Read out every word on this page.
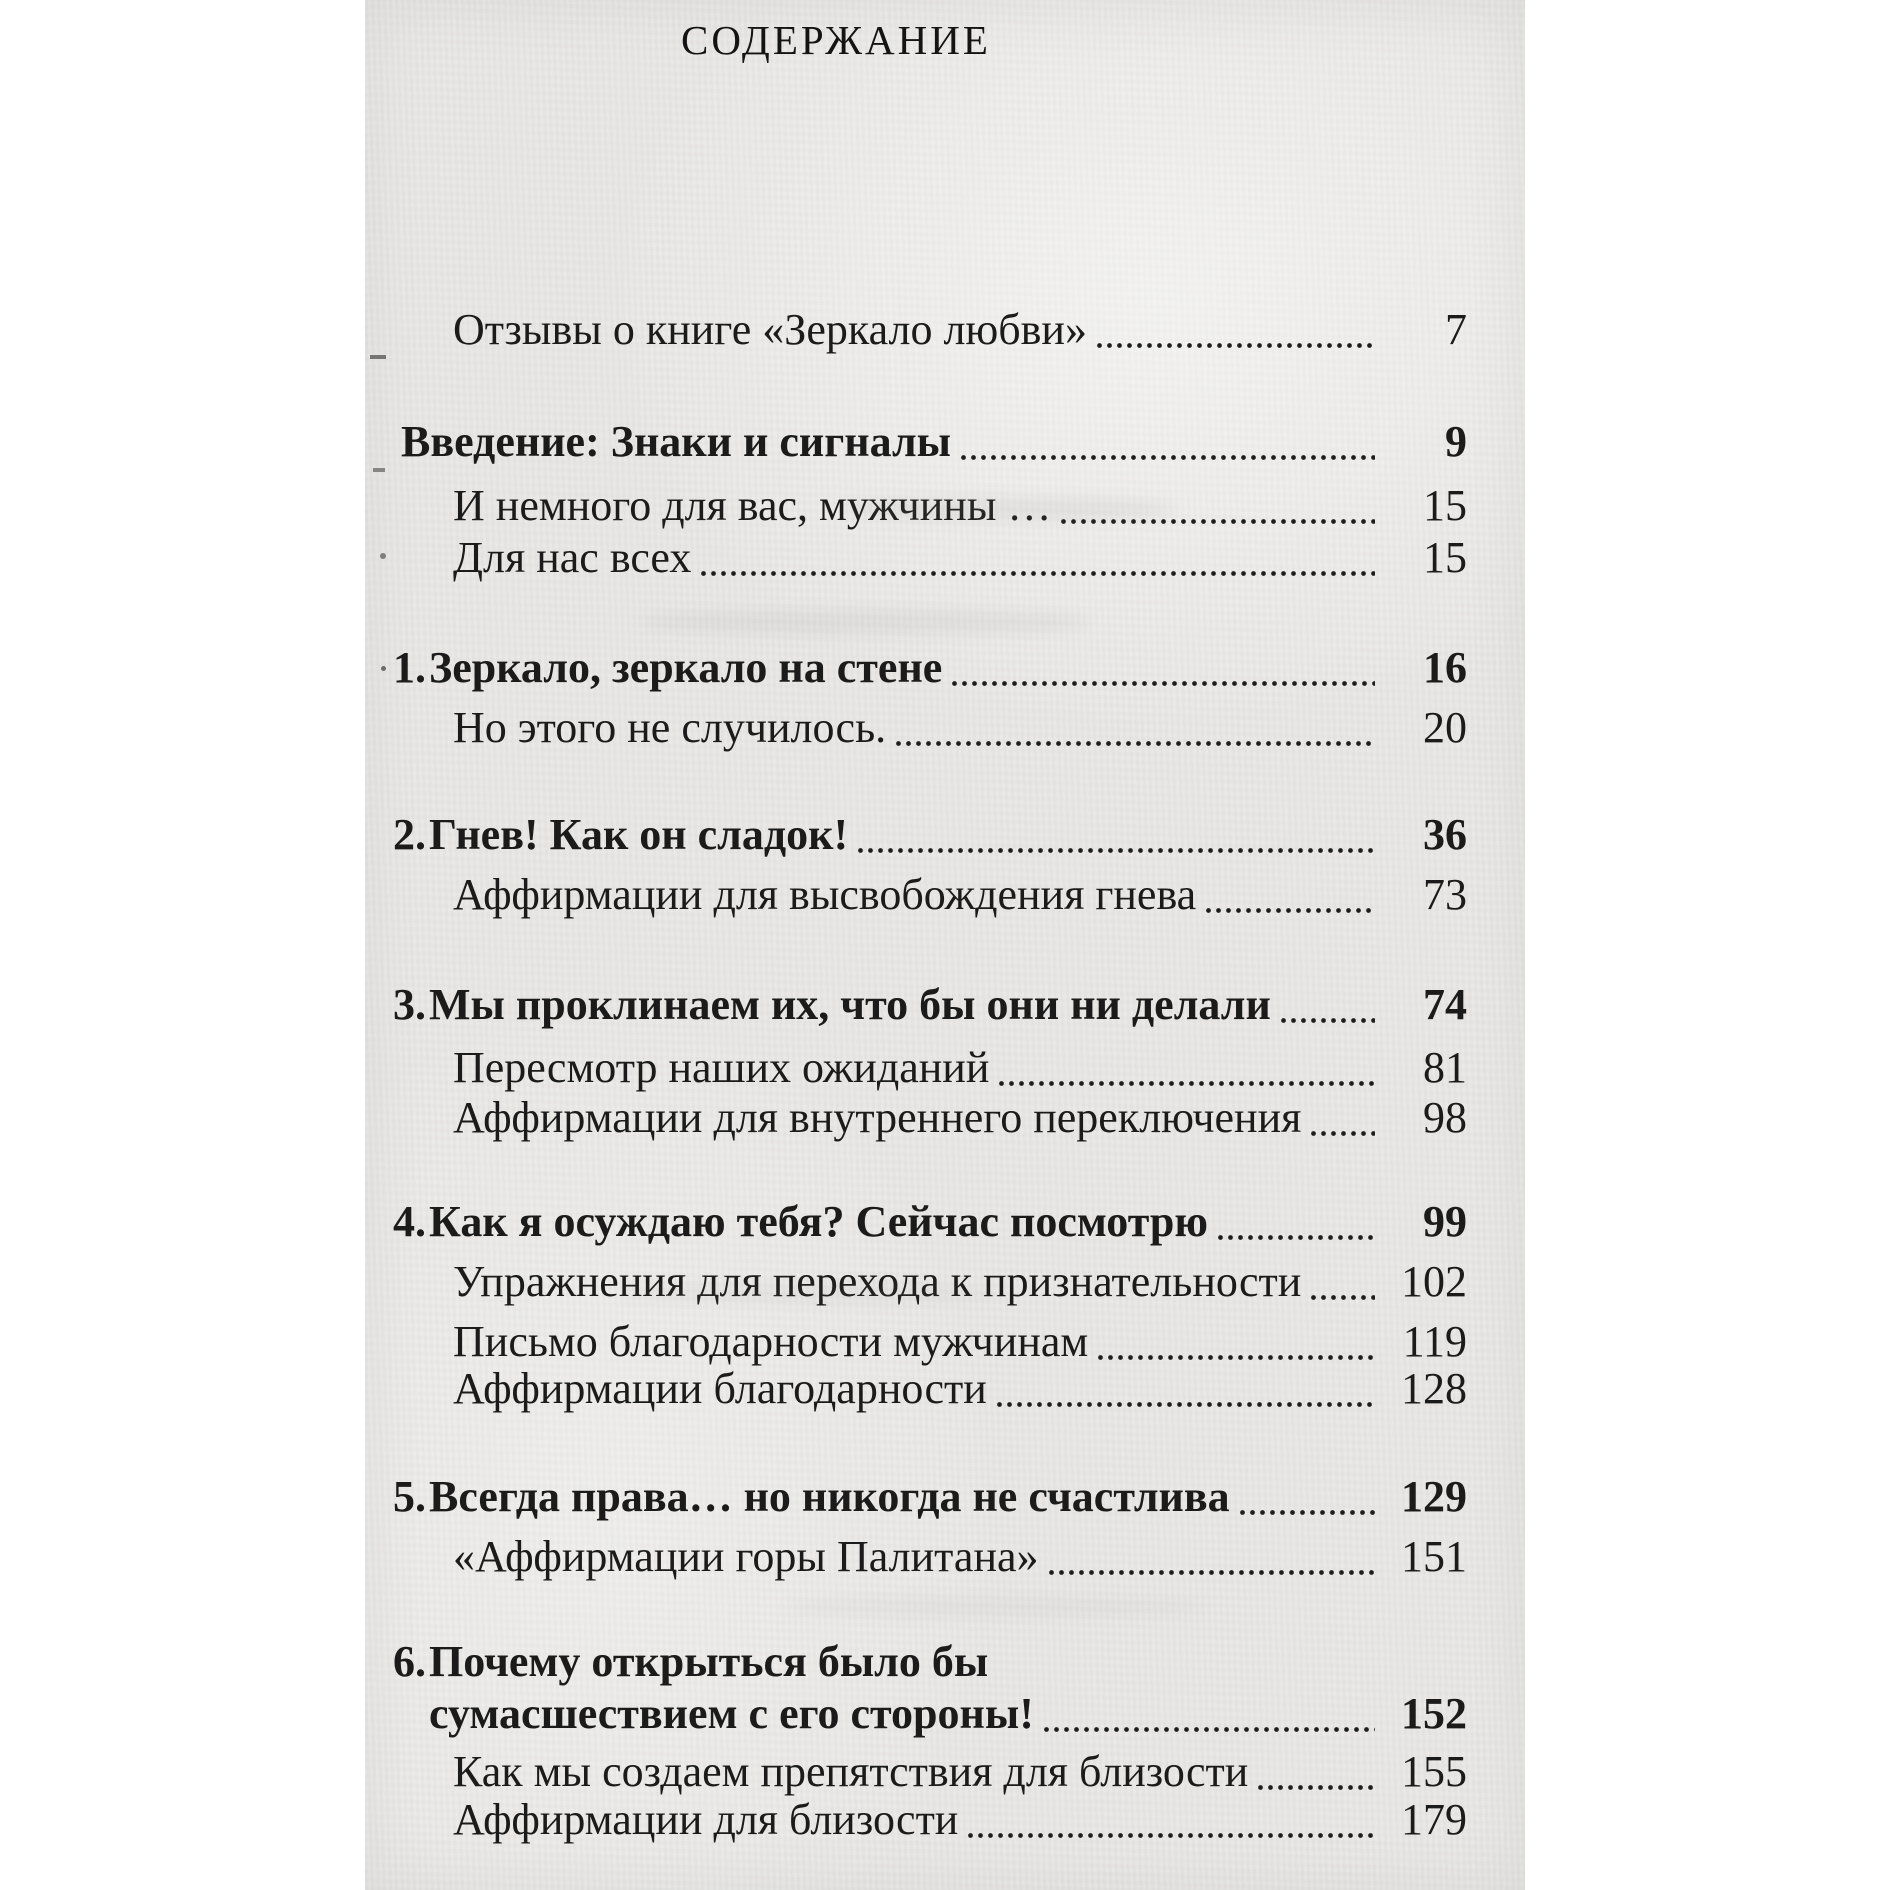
СОДЕРЖАНИЕ
Отзывы о книге «Зеркало любви»	7
Введение: Знаки и сигналы	9
И немного для вас, мужчины …	15
Для нас всех	15
1. Зеркало, зеркало на стене	16
Но этого не случилось.	20
2. Гнев! Как он сладок!	36
Аффирмации для высвобождения гнева	73
3. Мы проклинаем их, что бы они ни делали	74
Пересмотр наших ожиданий	81
Аффирмации для внутреннего переключения	98
4. Как я осуждаю тебя? Сейчас посмотрю	99
Упражнения для перехода к признательности	102
Письмо благодарности мужчинам	119
Аффирмации благодарности	128
5. Всегда права… но никогда не счастлива	129
«Аффирмации горы Палитана»	151
6. Почему открыться было бы
сумасшествием с его стороны!	152
Как мы создаем препятствия для близости	155
Аффирмации для близости	179
